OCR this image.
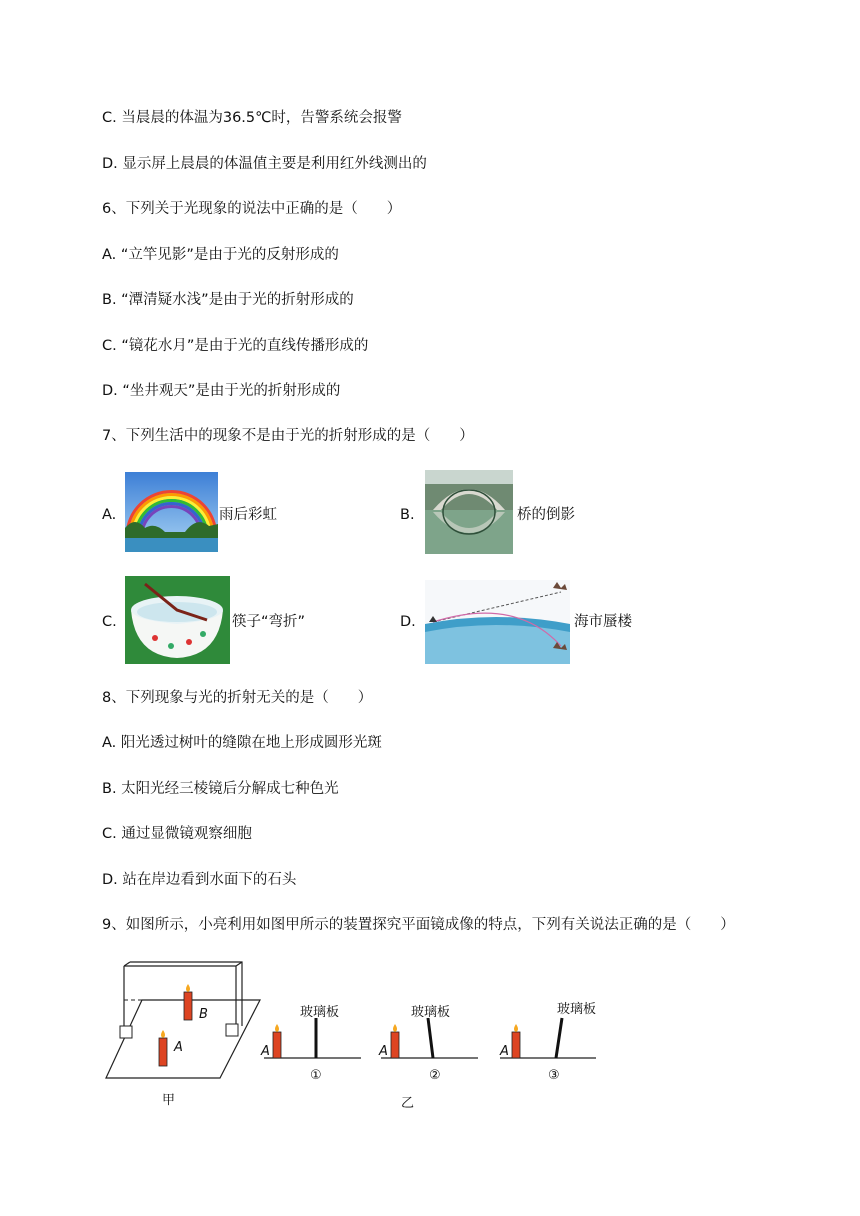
C. 当晨晨的体温为36.5℃时，告警系统会报警
D. 显示屏上晨晨的体温值主要是利用红外线测出的
6、下列关于光现象的说法中正确的是（　　）
A. “立竿见影”是由于光的反射形成的
B. “潭清疑水浅”是由于光的折射形成的
C. “镜花水月”是由于光的直线传播形成的
D. “坐井观天”是由于光的折射形成的
7、下列生活中的现象不是由于光的折射形成的是（　　）
A.	雨后彩虹	B.	桥的倒影
C.	筷子“弯折”	D.	海市蜃楼
8、下列现象与光的折射无关的是（　　）
A. 阳光透过树叶的缝隙在地上形成圆形光斑
B. 太阳光经三棱镜后分解成七种色光
C. 通过显微镜观察细胞
D. 站在岸边看到水面下的石头
9、如图所示，小亮利用如图甲所示的装置探究平面镜成像的特点，下列有关说法正确的是（　　）
B
A
甲
A
玻璃板
①
A
玻璃板
②
乙
A
玻璃板
③
